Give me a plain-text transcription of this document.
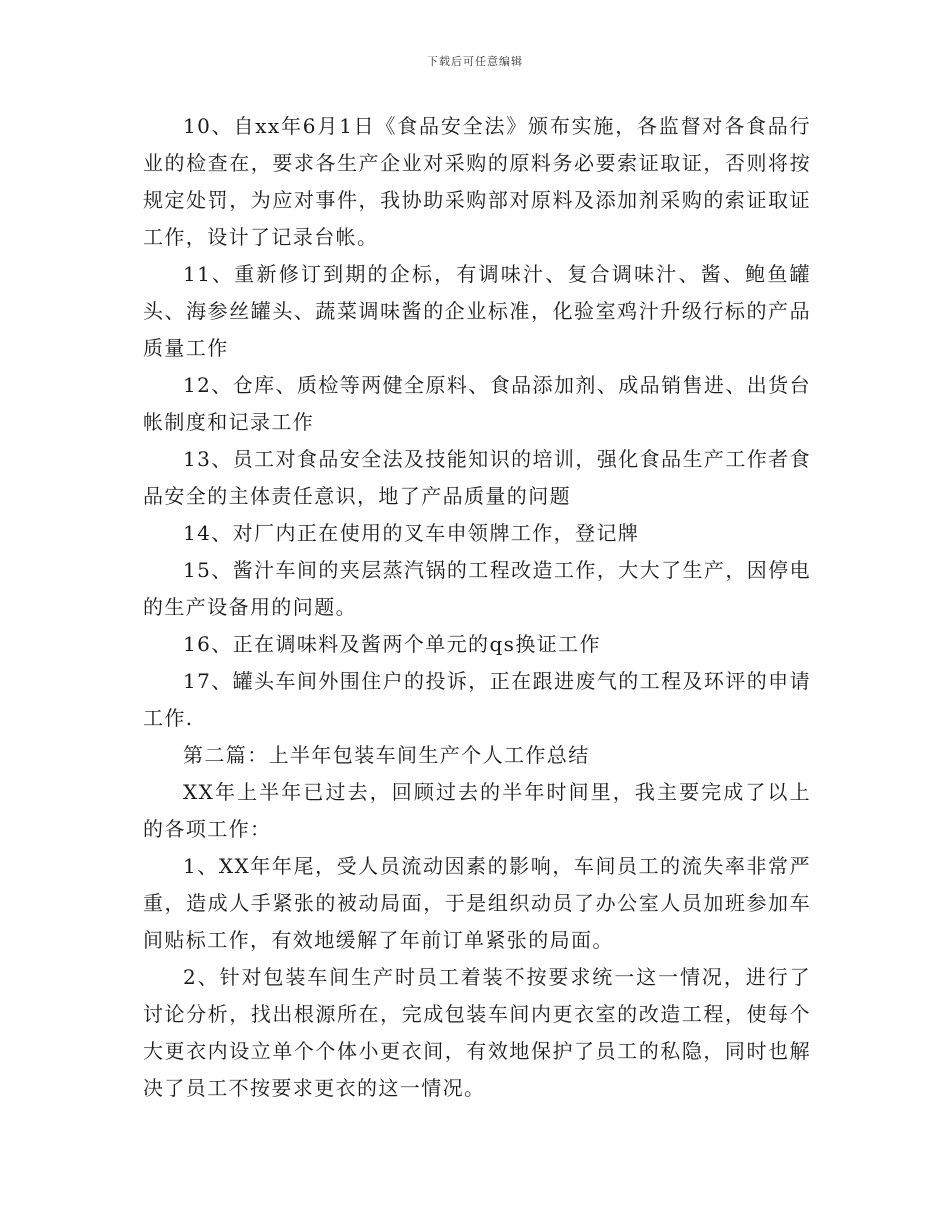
下载后可任意编辑

10、自xx年6月1日《食品安全法》颁布实施，各监督对各食品行业的检查在，要求各生产企业对采购的原料务必要索证取证，否则将按规定处罚，为应对事件，我协助采购部对原料及添加剂采购的索证取证工作，设计了记录台帐。

11、重新修订到期的企标，有调味汁、复合调味汁、酱、鲍鱼罐头、海参丝罐头、蔬菜调味酱的企业标准，化验室鸡汁升级行标的产品质量工作

12、仓库、质检等两健全原料、食品添加剂、成品销售进、出货台帐制度和记录工作

13、员工对食品安全法及技能知识的培训，强化食品生产工作者食品安全的主体责任意识，地了产品质量的问题

14、对厂内正在使用的叉车申领牌工作，登记牌

15、酱汁车间的夹层蒸汽锅的工程改造工作，大大了生产，因停电的生产设备用的问题。

16、正在调味料及酱两个单元的qs换证工作

17、罐头车间外围住户的投诉，正在跟进废气的工程及环评的申请工作.

第二篇：上半年包装车间生产个人工作总结

XX年上半年已过去，回顾过去的半年时间里，我主要完成了以上的各项工作：

1、XX年年尾，受人员流动因素的影响，车间员工的流失率非常严重，造成人手紧张的被动局面，于是组织动员了办公室人员加班参加车间贴标工作，有效地缓解了年前订单紧张的局面。

2、针对包装车间生产时员工着装不按要求统一这一情况，进行了讨论分析，找出根源所在，完成包装车间内更衣室的改造工程，使每个大更衣内设立单个个体小更衣间，有效地保护了员工的私隐，同时也解决了员工不按要求更衣的这一情况。
